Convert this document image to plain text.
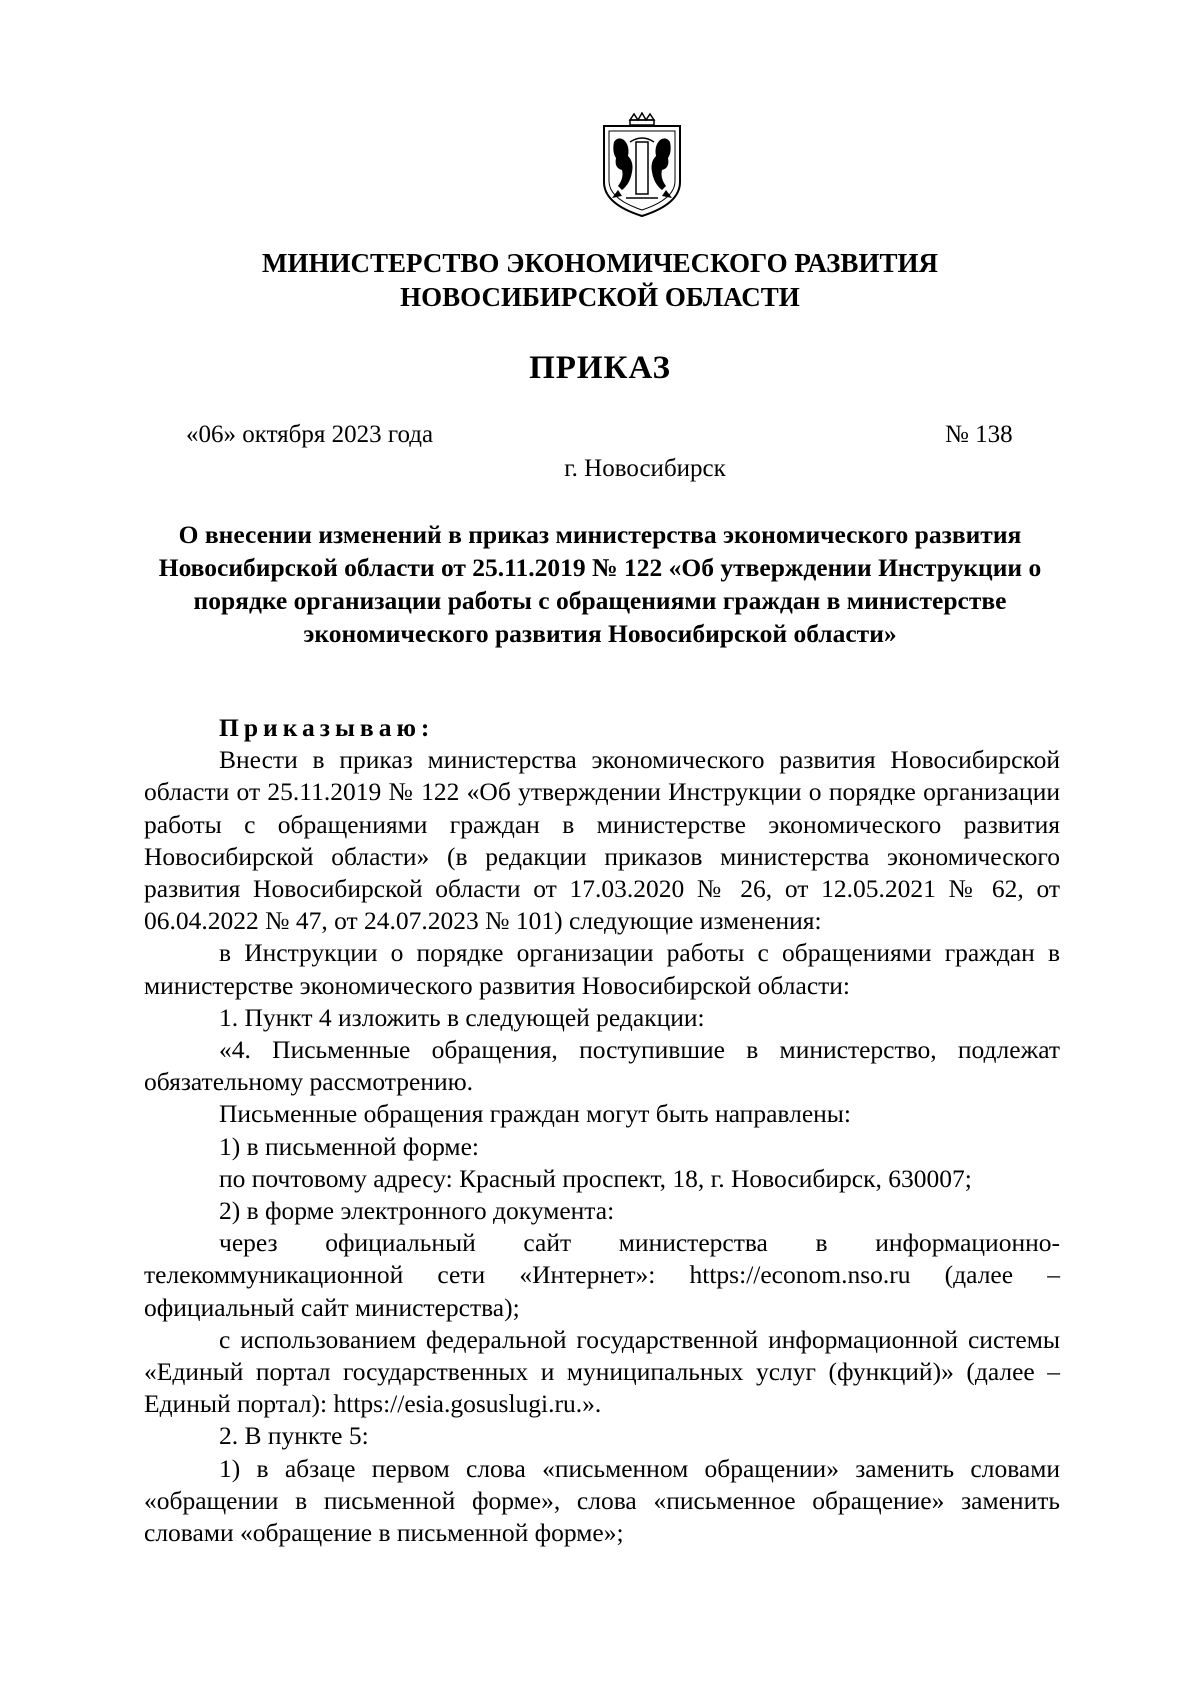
МИНИСТЕРСТВО ЭКОНОМИЧЕСКОГО РАЗВИТИЯ
НОВОСИБИРСКОЙ ОБЛАСТИ
ПРИКАЗ
«06» октября 2023 года	№ 138
г. Новосибирск
О внесении изменений в приказ министерства экономического развития Новосибирской области от 25.11.2019 № 122 «Об утверждении Инструкции о порядке организации работы с обращениями граждан в министерстве экономического развития Новосибирской области»

Приказываю:

Внести в приказ министерства экономического развития Новосибирской области от 25.11.2019 № 122 «Об утверждении Инструкции о порядке организации работы с обращениями граждан в министерстве экономического развития Новосибирской области» (в редакции приказов министерства экономического развития Новосибирской области от 17.03.2020 № 26, от 12.05.2021 № 62, от 06.04.2022 № 47, от 24.07.2023 № 101) следующие изменения:

в Инструкции о порядке организации работы с обращениями граждан в министерстве экономического развития Новосибирской области:

1. Пункт 4 изложить в следующей редакции:

«4. Письменные обращения, поступившие в министерство, подлежат обязательному рассмотрению.

Письменные обращения граждан могут быть направлены:

1) в письменной форме:

по почтовому адресу: Красный проспект, 18, г. Новосибирск, 630007;

2) в форме электронного документа:

через официальный сайт министерства в информационно-телекоммуникационной сети «Интернет»: https://econom.nso.ru (далее – официальный сайт министерства);

с использованием федеральной государственной информационной системы «Единый портал государственных и муниципальных услуг (функций)» (далее – Единый портал): https://esia.gosuslugi.ru.».

2. В пункте 5:

1) в абзаце первом слова «письменном обращении» заменить словами «обращении в письменной форме», слова «письменное обращение» заменить словами «обращение в письменной форме»;
